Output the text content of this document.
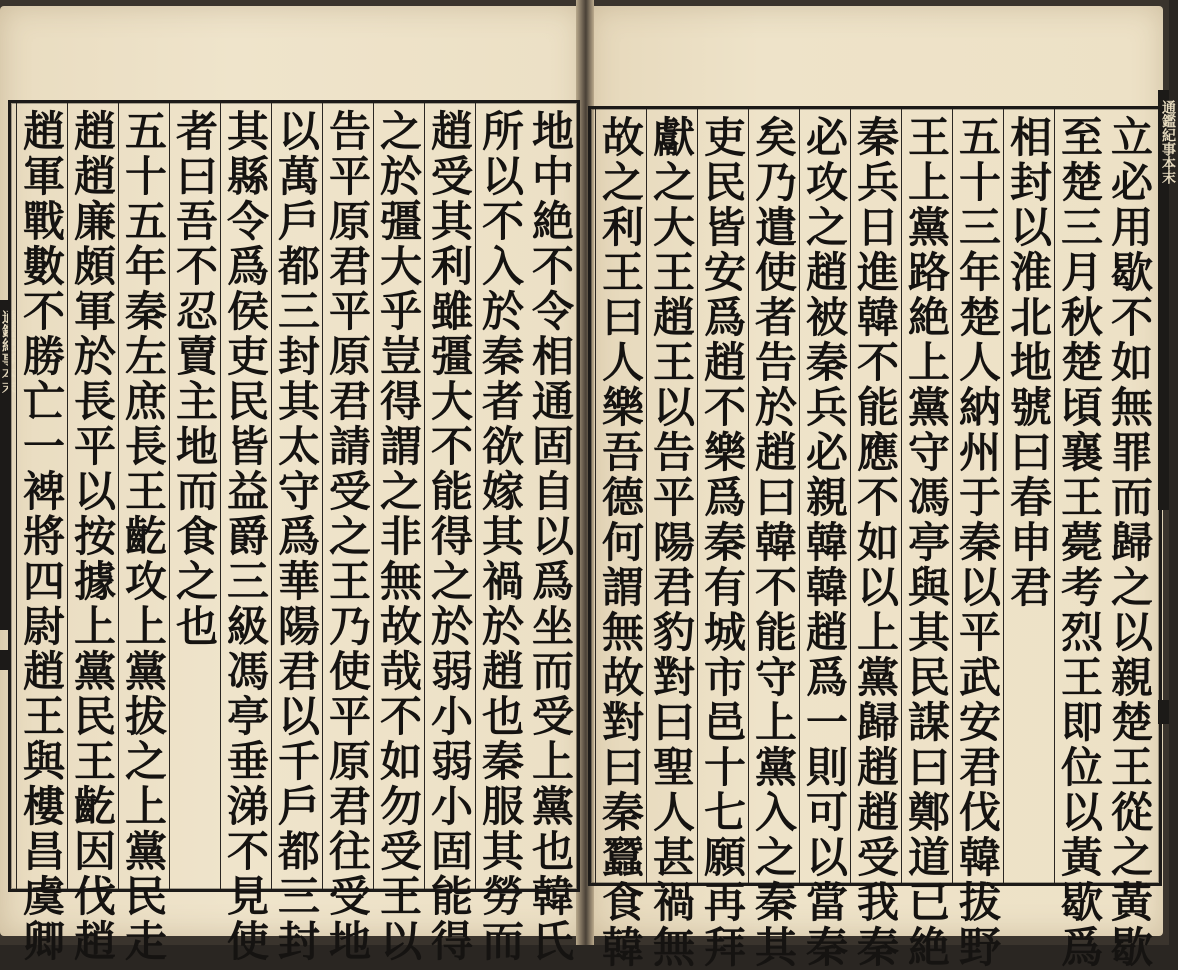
通鑑紀事本末
通鑑紀事本末
地中絶不令相通固自以爲坐而受上黨也韓氏
所以不入於秦者欲嫁其禍於趙也秦服其勞而
趙受其利雖彊大不能得之於弱小弱小固能得
之於彊大乎豈得謂之非無故哉不如勿受王以
告平原君平原君請受之王乃使平原君往受地
以萬戶都三封其太守爲華陽君以千戶都三封
其縣令爲侯吏民皆益爵三級馮亭垂涕不見使
者曰吾不忍賣主地而食之也
五十五年秦左庶長王齕攻上黨拔之上黨民走
趙趙廉頗軍於長平以按據上黨民王齕因伐趙
趙軍戰數不勝亡一裨將四尉趙王與樓昌虞卿	立必用歇不如無罪而歸之以親楚王從之黃歇
至楚三月秋楚頃襄王薨考烈王即位以黃歇爲
相封以淮北地號曰春申君
五十三年楚人納州于秦以平武安君伐韓拔野
王上黨路絶上黨守馮亭與其民謀曰鄭道已絶
秦兵日進韓不能應不如以上黨歸趙趙受我秦
必攻之趙被秦兵必親韓韓趙爲一則可以當秦
矣乃遣使者告於趙曰韓不能守上黨入之秦其
吏民皆安爲趙不樂爲秦有城市邑十七願再拜
獻之大王趙王以告平陽君豹對曰聖人甚禍無
故之利王曰人樂吾德何謂無故對曰秦蠶食韓
